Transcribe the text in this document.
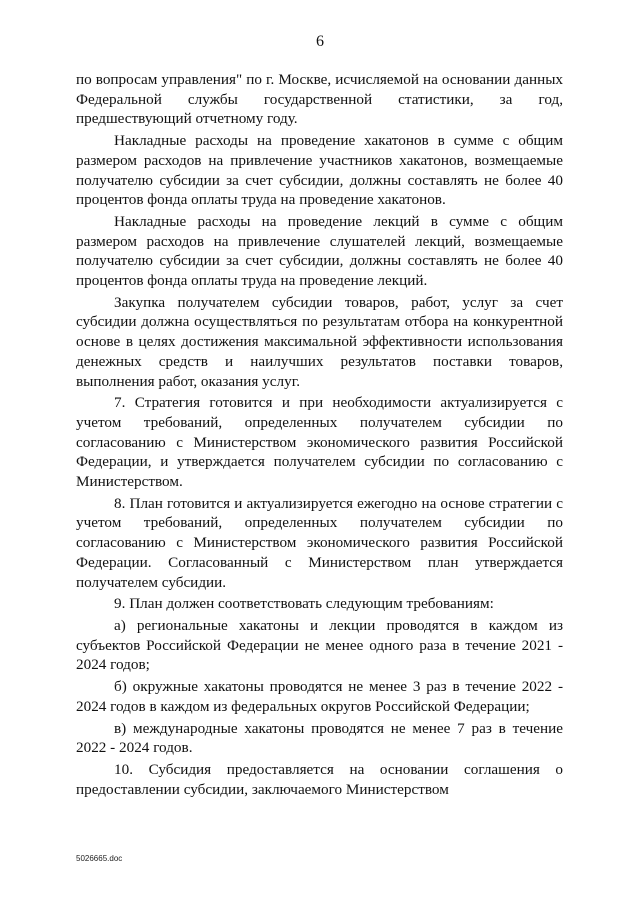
6

по вопросам управления" по г. Москве, исчисляемой на основании данных Федеральной службы государственной статистики, за год, предшествующий отчетному году.

Накладные расходы на проведение хакатонов в сумме с общим размером расходов на привлечение участников хакатонов, возмещаемые получателю субсидии за счет субсидии, должны составлять не более 40 процентов фонда оплаты труда на проведение хакатонов.

Накладные расходы на проведение лекций в сумме с общим размером расходов на привлечение слушателей лекций, возмещаемые получателю субсидии за счет субсидии, должны составлять не более 40 процентов фонда оплаты труда на проведение лекций.

Закупка получателем субсидии товаров, работ, услуг за счет субсидии должна осуществляться по результатам отбора на конкурентной основе в целях достижения максимальной эффективности использования денежных средств и наилучших результатов поставки товаров, выполнения работ, оказания услуг.

7. Стратегия готовится и при необходимости актуализируется с учетом требований, определенных получателем субсидии по согласованию с Министерством экономического развития Российской Федерации, и утверждается получателем субсидии по согласованию с Министерством.

8. План готовится и актуализируется ежегодно на основе стратегии с учетом требований, определенных получателем субсидии по согласованию с Министерством экономического развития Российской Федерации. Согласованный с Министерством план утверждается получателем субсидии.

9. План должен соответствовать следующим требованиям:

а) региональные хакатоны и лекции проводятся в каждом из субъектов Российской Федерации не менее одного раза в течение 2021 - 2024 годов;

б) окружные хакатоны проводятся не менее 3 раз в течение 2022 - 2024 годов в каждом из федеральных округов Российской Федерации;

в) международные хакатоны проводятся не менее 7 раз в течение 2022 - 2024 годов.

10. Субсидия предоставляется на основании соглашения о предоставлении субсидии, заключаемого Министерством

5026665.doc
